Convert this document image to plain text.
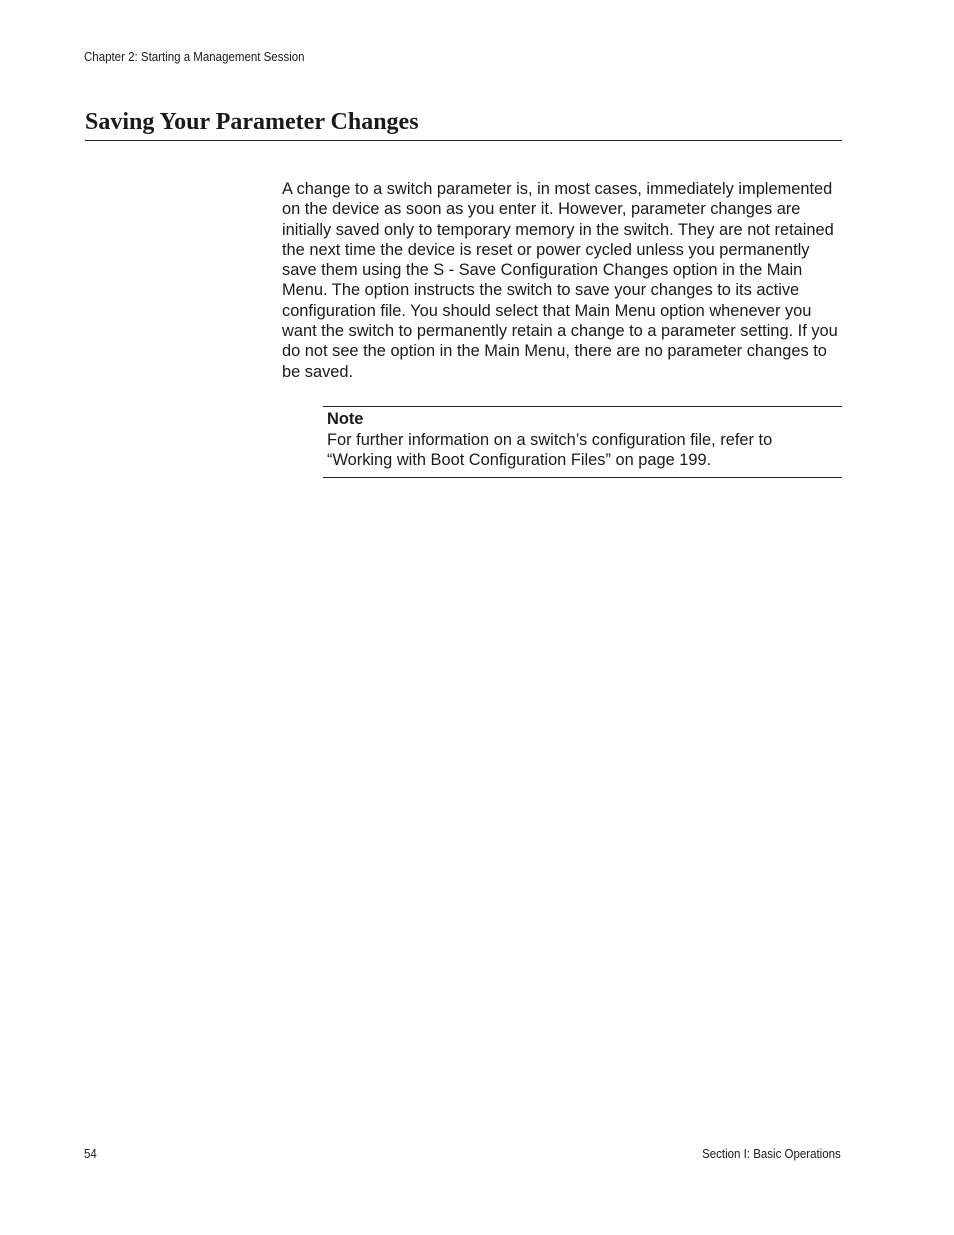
Chapter 2: Starting a Management Session
Saving Your Parameter Changes

A change to a switch parameter is, in most cases, immediately implemented on the device as soon as you enter it. However, parameter changes are initially saved only to temporary memory in the switch. They are not retained the next time the device is reset or power cycled unless you permanently save them using the S - Save Configuration Changes option in the Main Menu. The option instructs the switch to save your changes to its active configuration file. You should select that Main Menu option whenever you want the switch to permanently retain a change to a parameter setting. If you do not see the option in the Main Menu, there are no parameter changes to be saved.

Note

For further information on a switch’s configuration file, refer to “Working with Boot Configuration Files” on page 199.

54	Section I: Basic Operations
